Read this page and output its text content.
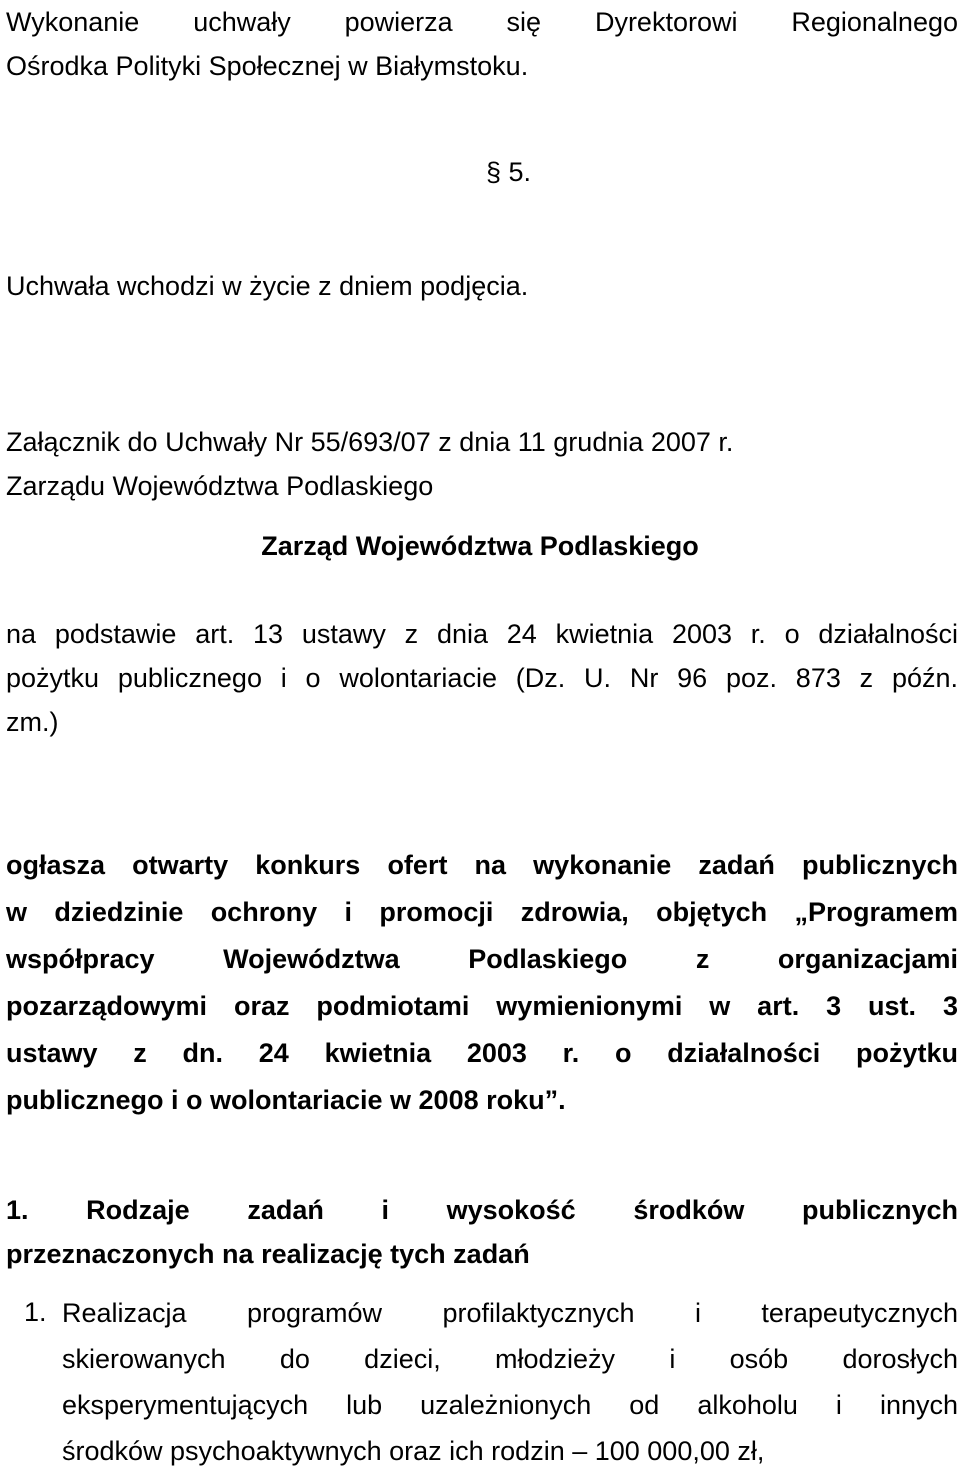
Wykonanie uchwały powierza się Dyrektorowi Regionalnego
Ośrodka Polityki Społecznej w Białymstoku.

§ 5.

Uchwała wchodzi w życie z dniem podjęcia.

Załącznik do Uchwały Nr 55/693/07 z dnia 11 grudnia 2007 r.
Zarządu Województwa Podlaskiego

Zarząd Województwa Podlaskiego

na podstawie art. 13 ustawy z dnia 24 kwietnia 2003 r. o działalności
pożytku publicznego i o wolontariacie (Dz. U. Nr 96 poz. 873 z późn.
zm.)

ogłasza otwarty konkurs ofert na wykonanie zadań publicznych
w dziedzinie ochrony i promocji zdrowia, objętych „Programem
współpracy Województwa Podlaskiego z organizacjami
pozarządowymi oraz podmiotami wymienionymi w art. 3 ust. 3
ustawy z dn. 24 kwietnia 2003 r. o działalności pożytku
publicznego i o wolontariacie w 2008 roku”.

1. Rodzaje zadań i wysokość środków publicznych
przeznaczonych na realizację tych zadań

1. Realizacja programów profilaktycznych i terapeutycznych
skierowanych do dzieci, młodzieży i osób dorosłych
eksperymentujących lub uzależnionych od alkoholu i innych
środków psychoaktywnych oraz ich rodzin – 100 000,00 zł,
